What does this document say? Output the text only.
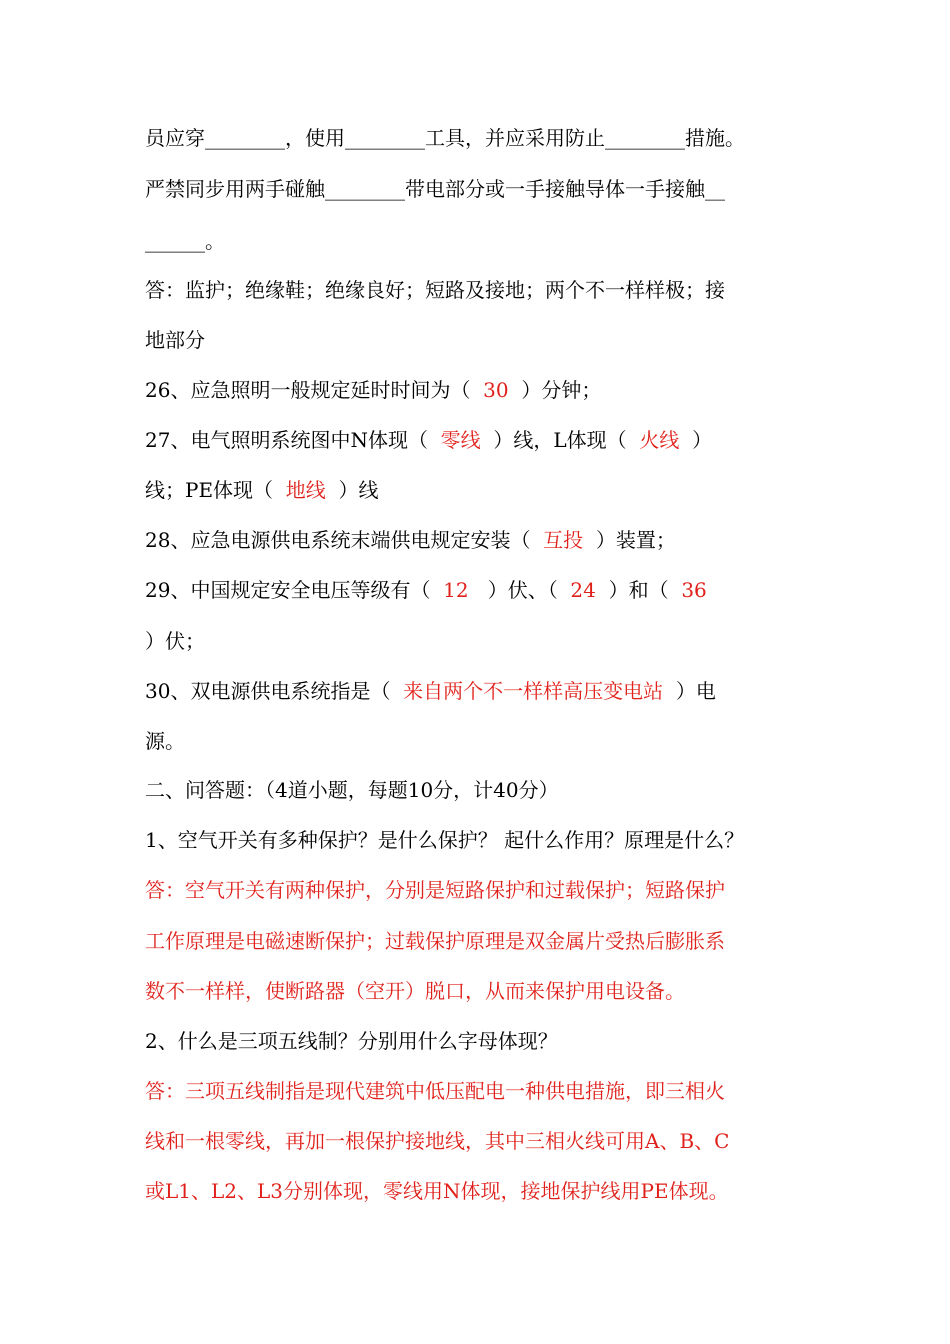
员应穿________，使用________工具，并应采用防止________措施。
严禁同步用两手碰触________带电部分或一手接触导体一手接触__
______。
答：监护；绝缘鞋；绝缘良好；短路及接地；两个不一样样极；接
地部分
26、应急照明一般规定延时时间为（  30  ）分钟；
27、电气照明系统图中N体现（  零线  ）线，L体现（  火线  ）
线；PE体现（  地线  ）线
28、应急电源供电系统末端供电规定安装（  互投  ）装置；
29、中国规定安全电压等级有（  12   ）伏、（  24  ）和（  36
）伏；
30、双电源供电系统指是（  来自两个不一样样高压变电站  ）电
源。
二、问答题：（4道小题，每题10分，计40分）
1、空气开关有多种保护？是什么保护？ 起什么作用？原理是什么？
答：空气开关有两种保护，分别是短路保护和过载保护；短路保护
工作原理是电磁速断保护；过载保护原理是双金属片受热后膨胀系
数不一样样，使断路器（空开）脱口，从而来保护用电设备。
2、什么是三项五线制？分别用什么字母体现？
答：三项五线制指是现代建筑中低压配电一种供电措施，即三相火
线和一根零线，再加一根保护接地线，其中三相火线可用A、B、C
或L1、L2、L3分别体现，零线用N体现，接地保护线用PE体现。
